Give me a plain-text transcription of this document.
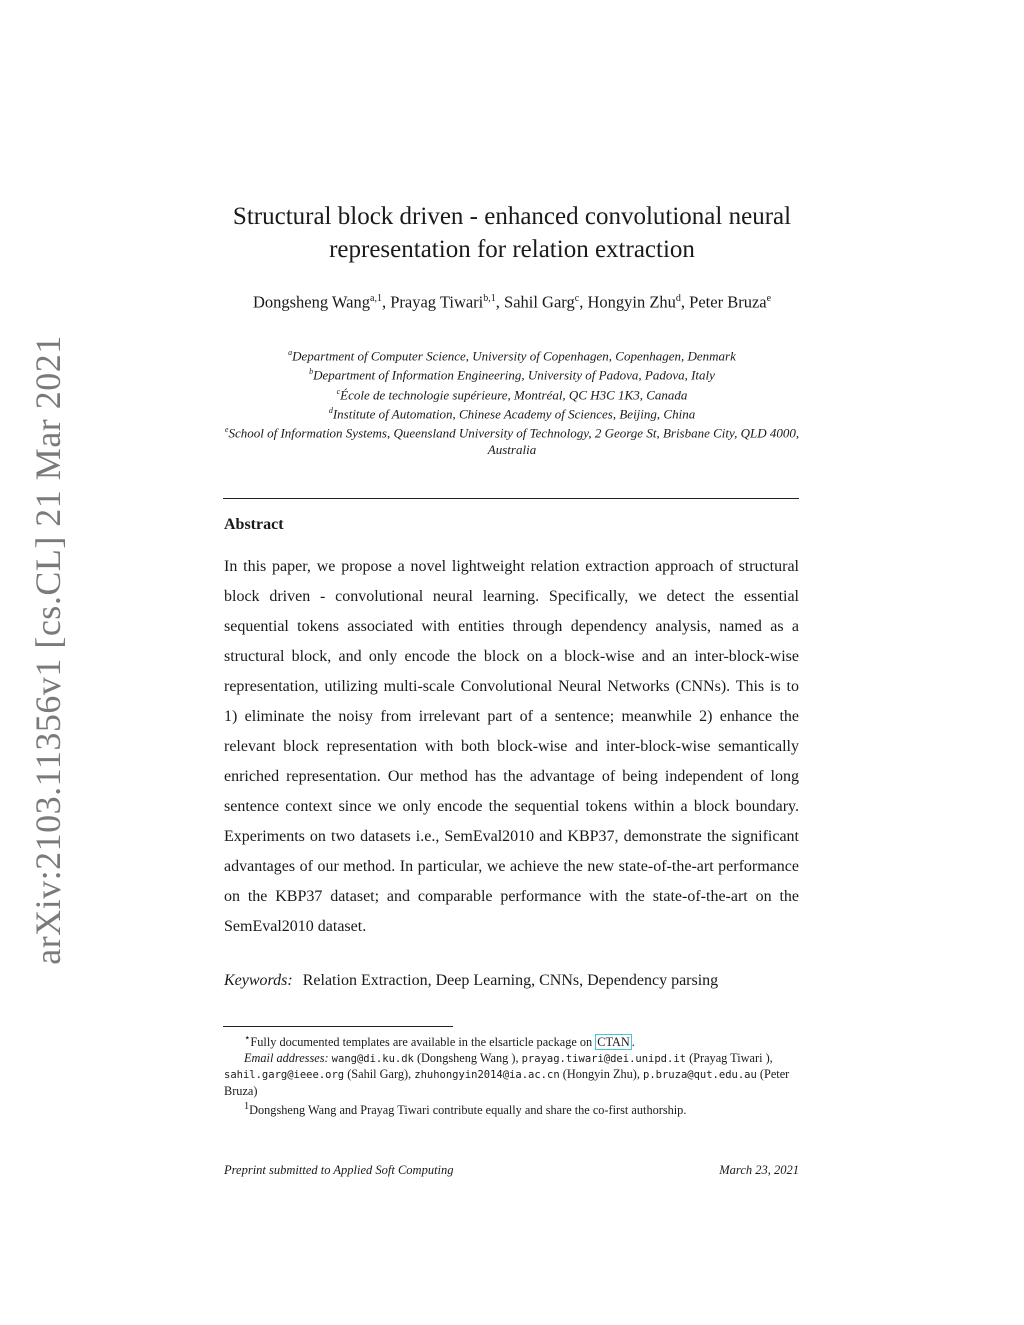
arXiv:2103.11356v1 [cs.CL] 21 Mar 2021
Structural block driven - enhanced convolutional neural
representation for relation extraction
Dongsheng Wang$^{a,1}$, Prayag Tiwari$^{b,1}$, Sahil Garg$^c$, Hongyin Zhu$^d$, Peter Bruza$^e$
$^a$Department of Computer Science, University of Copenhagen, Copenhagen, Denmark
$^b$Department of Information Engineering, University of Padova, Padova, Italy
$^c$École de technologie supérieure, Montréal, QC H3C 1K3, Canada
$^d$Institute of Automation, Chinese Academy of Sciences, Beijing, China
$^e$School of Information Systems, Queensland University of Technology, 2 George St, Brisbane City, QLD 4000, Australia
Abstract
In this paper, we propose a novel lightweight relation extraction approach of structural block driven - convolutional neural learning. Specifically, we detect the essential sequential tokens associated with entities through dependency analysis, named as a structural block, and only encode the block on a block-wise and an inter-block-wise representation, utilizing multi-scale Convolutional Neural Networks (CNNs). This is to 1) eliminate the noisy from irrelevant part of a sentence; meanwhile 2) enhance the relevant block representation with both block-wise and inter-block-wise semantically enriched representation. Our method has the advantage of being independent of long sentence context since we only encode the sequential tokens within a block boundary. Experiments on two datasets i.e., SemEval2010 and KBP37, demonstrate the significant advantages of our method. In particular, we achieve the new state-of-the-art performance on the KBP37 dataset; and comparable performance with the state-of-the-art on the SemEval2010 dataset.
Keywords: Relation Extraction, Deep Learning, CNNs, Dependency parsing

⋆Fully documented templates are available in the elsarticle package on CTAN .

Email addresses: wang@di.ku.dk (Dongsheng Wang ), prayag.tiwari@dei.unipd.it (Prayag Tiwari ), sahil.garg@ieee.org (Sahil Garg), zhuhongyin2014@ia.ac.cn (Hongyin Zhu), p.bruza@qut.edu.au (Peter Bruza)

$^1$Dongsheng Wang and Prayag Tiwari contribute equally and share the co-first authorship.

Preprint submitted to Applied Soft Computing	March 23, 2021
